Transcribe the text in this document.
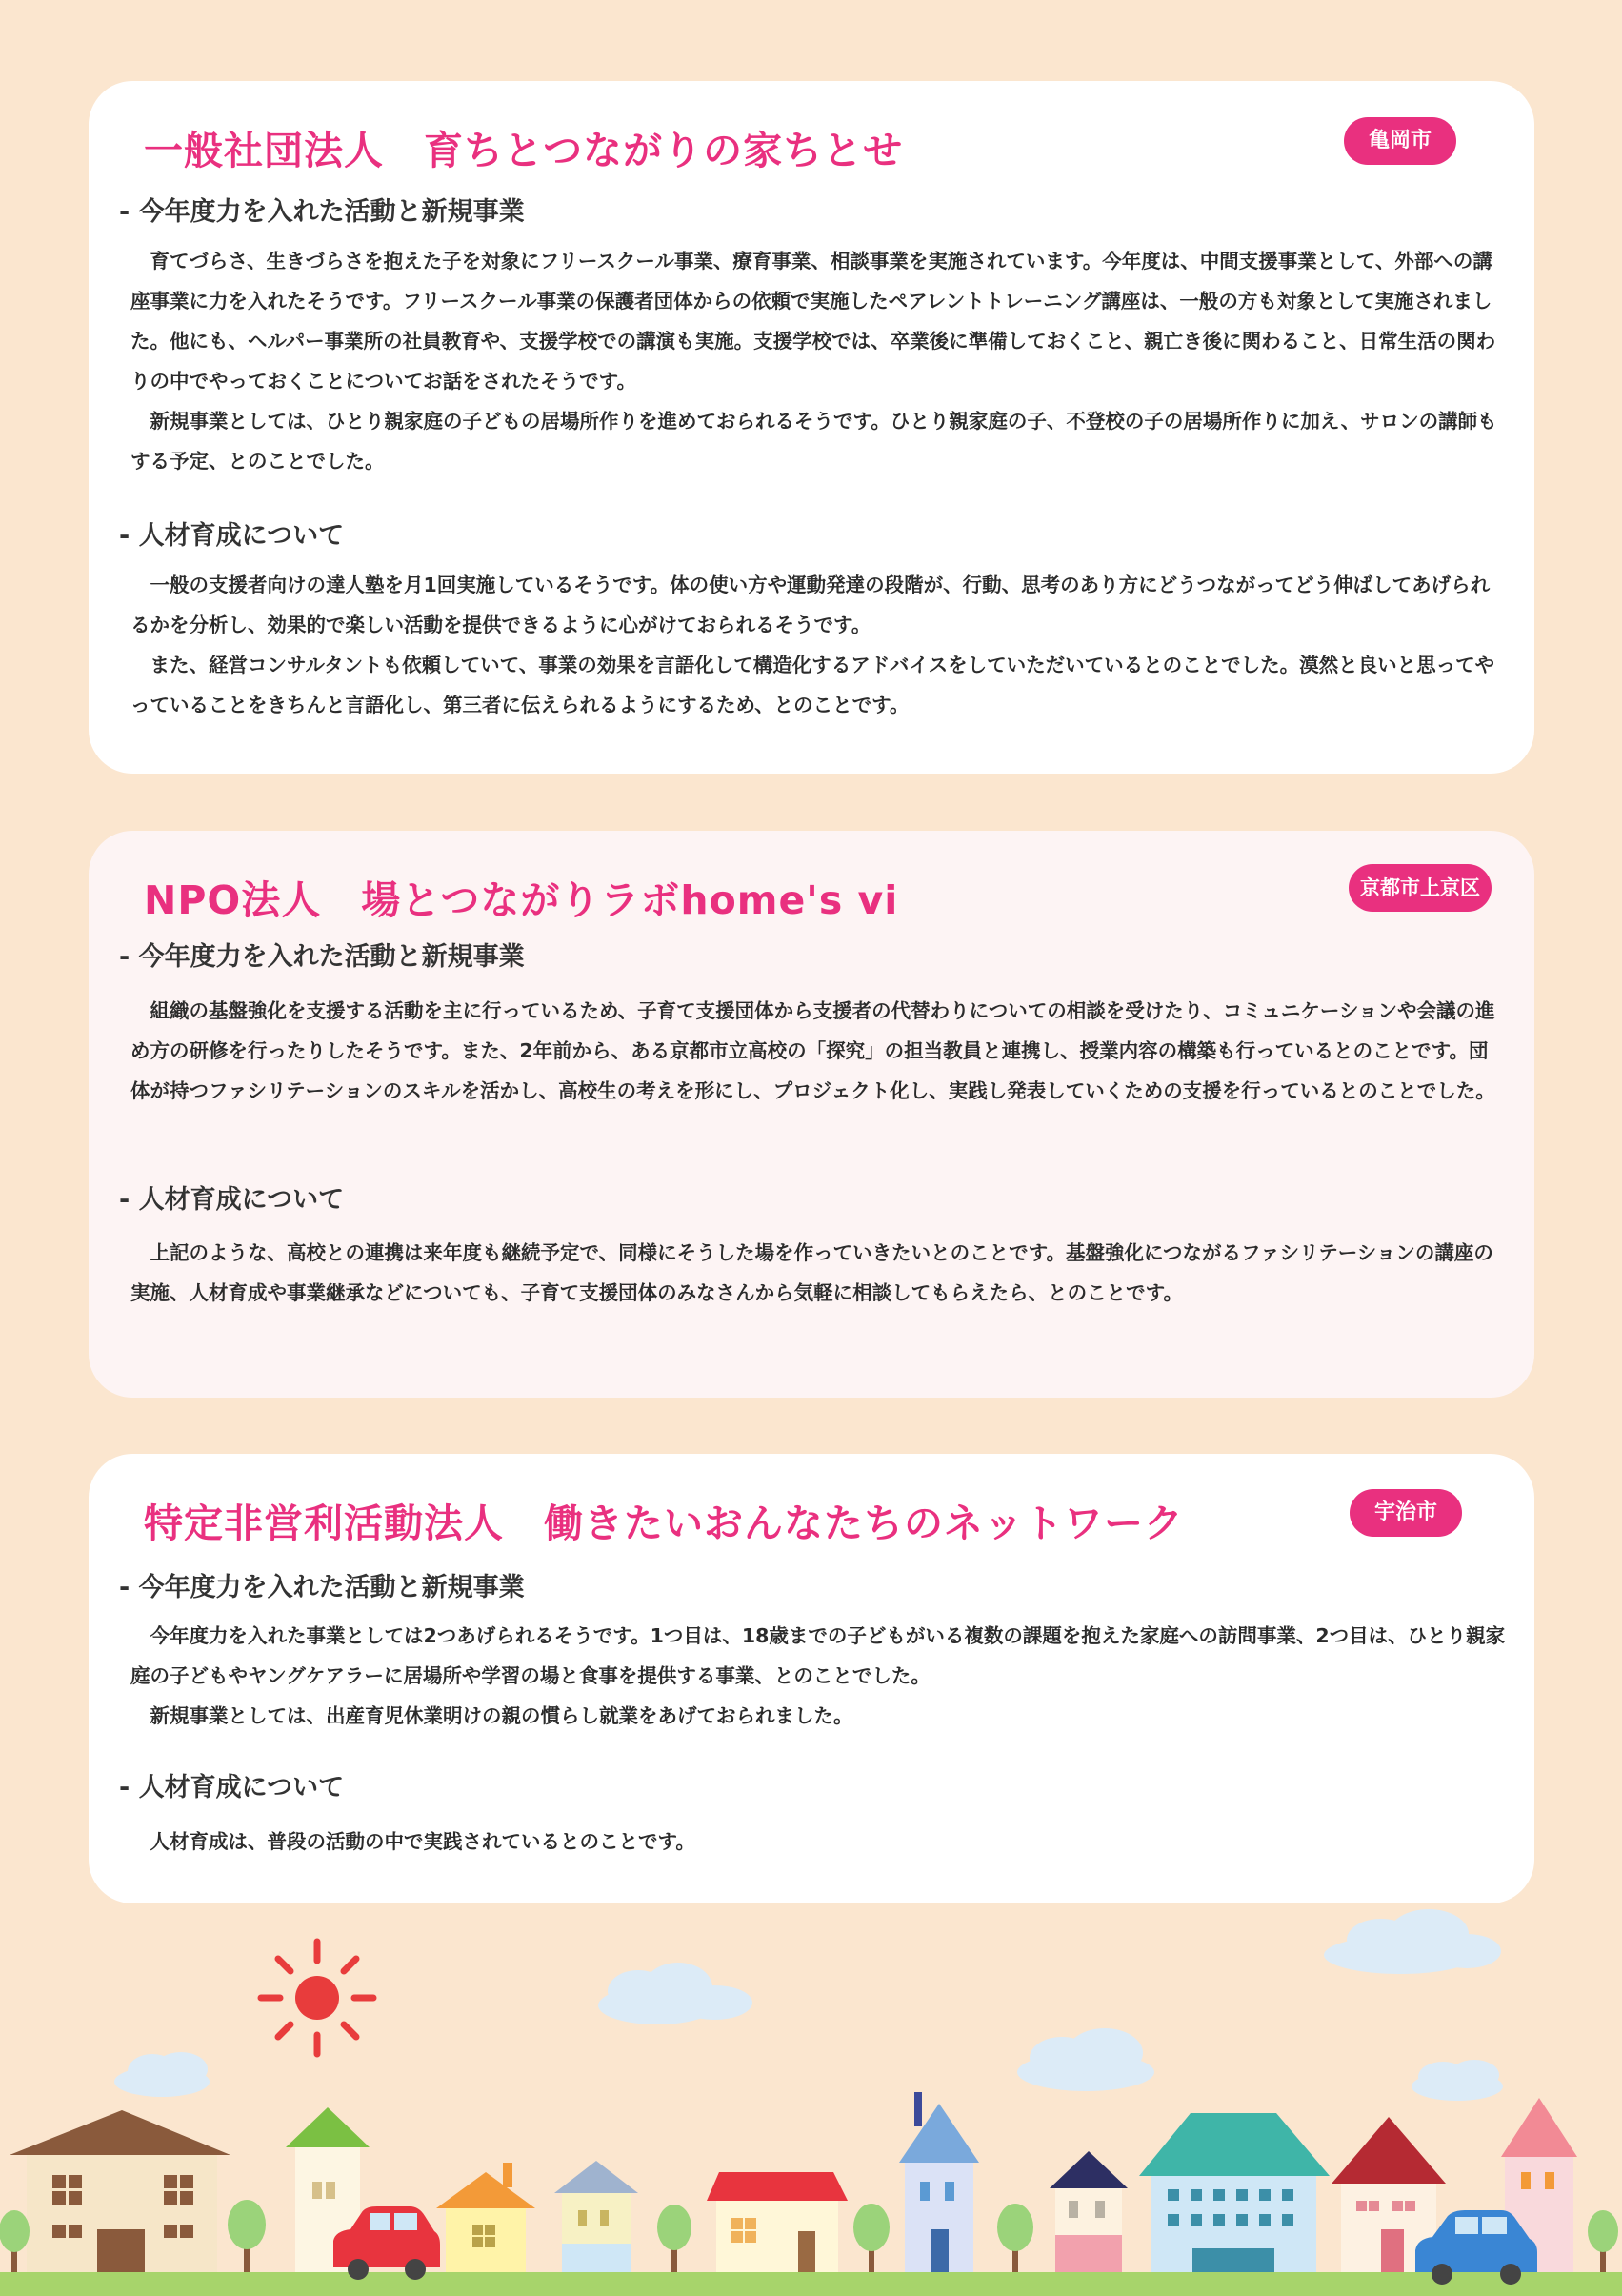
一般社団法人　育ちとつながりの家ちとせ	亀岡市
- 今年度力を入れた活動と新規事業

育てづらさ、生きづらさを抱えた子を対象にフリースクール事業、療育事業、相談事業を実施されています。今年度は、中間支援事業として、外部への講座事業に力を入れたそうです。フリースクール事業の保護者団体からの依頼で実施したペアレントトレーニング講座は、一般の方も対象として実施されました。他にも、ヘルパー事業所の社員教育や、支援学校での講演も実施。支援学校では、卒業後に準備しておくこと、親亡き後に関わること、日常生活の関わりの中でやっておくことについてお話をされたそうです。

新規事業としては、ひとり親家庭の子どもの居場所作りを進めておられるそうです。ひとり親家庭の子、不登校の子の居場所作りに加え、サロンの講師もする予定、とのことでした。

- 人材育成について

一般の支援者向けの達人塾を月1回実施しているそうです。体の使い方や運動発達の段階が、行動、思考のあり方にどうつながってどう伸ばしてあげられるかを分析し、効果的で楽しい活動を提供できるように心がけておられるそうです。

また、経営コンサルタントも依頼していて、事業の効果を言語化して構造化するアドバイスをしていただいているとのことでした。漠然と良いと思ってやっていることをきちんと言語化し、第三者に伝えられるようにするため、とのことです。

NPO法人　場とつながりラボhome's vi	京都市上京区
- 今年度力を入れた活動と新規事業

組織の基盤強化を支援する活動を主に行っているため、子育て支援団体から支援者の代替わりについての相談を受けたり、コミュニケーションや会議の進め方の研修を行ったりしたそうです。また、2年前から、ある京都市立高校の「探究」の担当教員と連携し、授業内容の構築も行っているとのことです。団体が持つファシリテーションのスキルを活かし、高校生の考えを形にし、プロジェクト化し、実践し発表していくための支援を行っているとのことでした。

- 人材育成について

上記のような、高校との連携は来年度も継続予定で、同様にそうした場を作っていきたいとのことです。基盤強化につながるファシリテーションの講座の実施、人材育成や事業継承などについても、子育て支援団体のみなさんから気軽に相談してもらえたら、とのことです。

特定非営利活動法人　働きたいおんなたちのネットワーク	宇治市
- 今年度力を入れた活動と新規事業

今年度力を入れた事業としては2つあげられるそうです。1つ目は、18歳までの子どもがいる複数の課題を抱えた家庭への訪問事業、2つ目は、ひとり親家庭の子どもやヤングケアラーに居場所や学習の場と食事を提供する事業、とのことでした。

新規事業としては、出産育児休業明けの親の慣らし就業をあげておられました。

- 人材育成について

人材育成は、普段の活動の中で実践されているとのことです。
